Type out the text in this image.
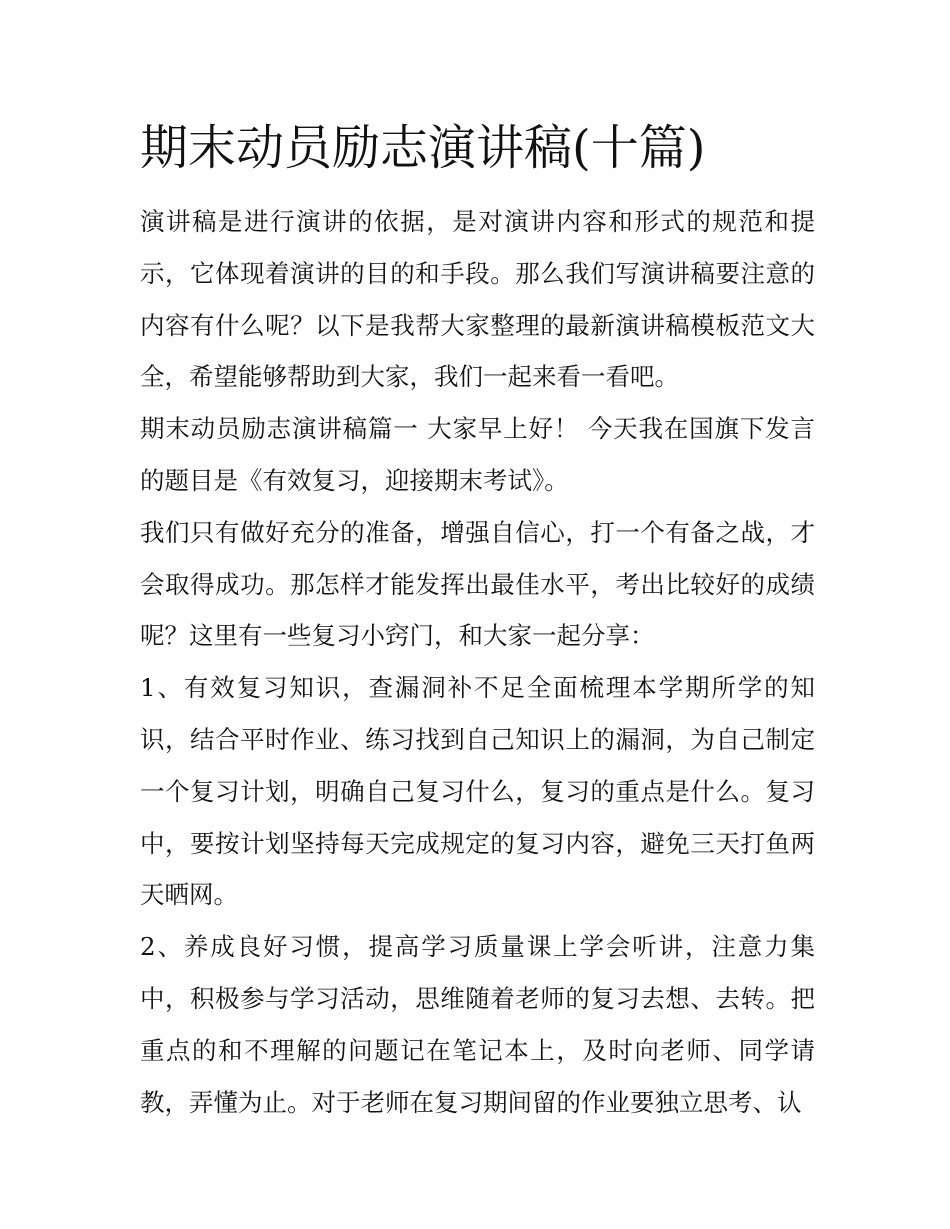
期末动员励志演讲稿(十篇)

演讲稿是进行演讲的依据，是对演讲内容和形式的规范和提示，它体现着演讲的目的和手段。那么我们写演讲稿要注意的内容有什么呢？以下是我帮大家整理的最新演讲稿模板范文大全，希望能够帮助到大家，我们一起来看一看吧。

期末动员励志演讲稿篇一 大家早上好！ 今天我在国旗下发言的题目是《有效复习，迎接期末考试》。

我们只有做好充分的准备，增强自信心，打一个有备之战，才会取得成功。那怎样才能发挥出最佳水平，考出比较好的成绩呢？这里有一些复习小窍门，和大家一起分享：

1、有效复习知识，查漏洞补不足全面梳理本学期所学的知识，结合平时作业、练习找到自己知识上的漏洞，为自己制定一个复习计划，明确自己复习什么，复习的重点是什么。复习中，要按计划坚持每天完成规定的复习内容，避免三天打鱼两天晒网。

2、养成良好习惯，提高学习质量课上学会听讲，注意力集中，积极参与学习活动，思维随着老师的复习去想、去转。把重点的和不理解的问题记在笔记本上，及时向老师、同学请教，弄懂为止。对于老师在复习期间留的作业要独立思考、认
